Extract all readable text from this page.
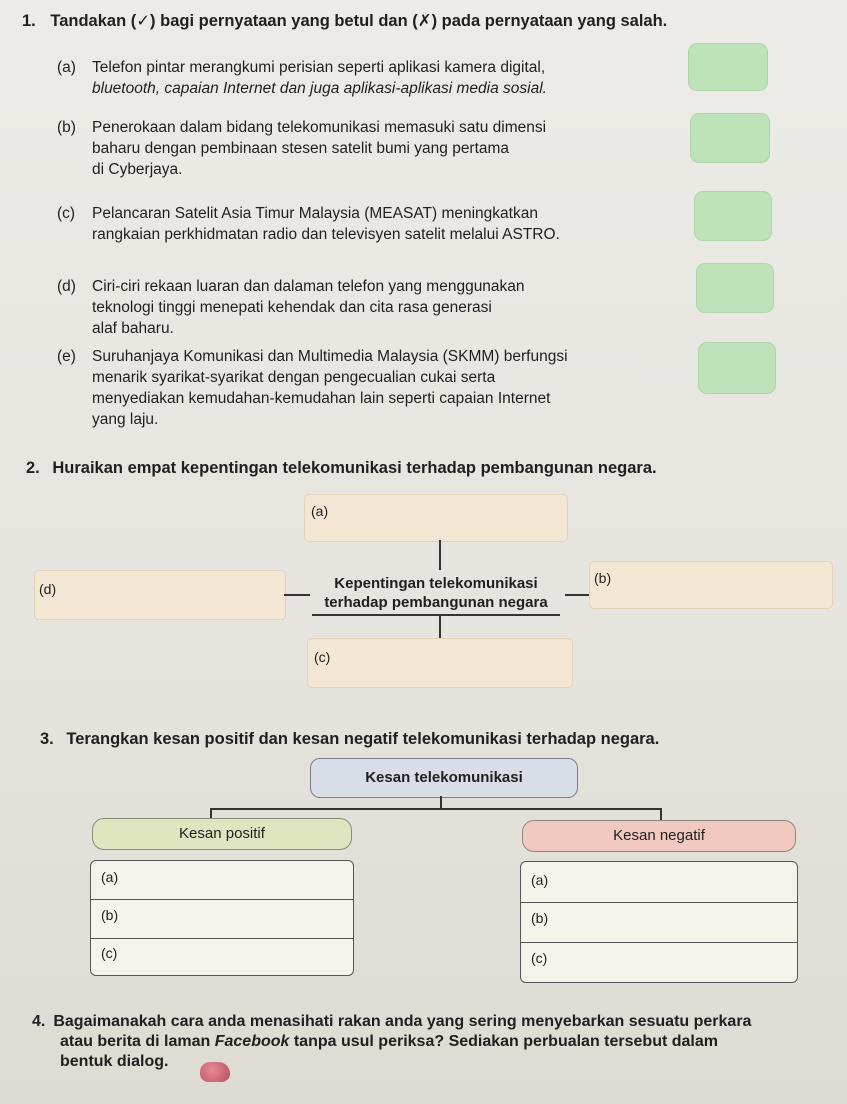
1. Tandakan (✓) bagi pernyataan yang betul dan (✗) pada pernyataan yang salah.
(a) Telefon pintar merangkumi perisian seperti aplikasi kamera digital,
bluetooth, capaian Internet dan juga aplikasi-aplikasi media sosial.
(b) Penerokaan dalam bidang telekomunikasi memasuki satu dimensi
baharu dengan pembinaan stesen satelit bumi yang pertama
di Cyberjaya.
(c) Pelancaran Satelit Asia Timur Malaysia (MEASAT) meningkatkan
rangkaian perkhidmatan radio dan televisyen satelit melalui ASTRO.
(d) Ciri-ciri rekaan luaran dan dalaman telefon yang menggunakan
teknologi tinggi menepati kehendak dan cita rasa generasi
alaf baharu.
(e) Suruhanjaya Komunikasi dan Multimedia Malaysia (SKMM) berfungsi
menarik syarikat-syarikat dengan pengecualian cukai serta
menyediakan kemudahan-kemudahan lain seperti capaian Internet
yang laju.
2. Huraikan empat kepentingan telekomunikasi terhadap pembangunan negara.
(a)
(d)	Kepentingan telekomunikasi
terhadap pembangunan negara
(b)
(c)
3. Terangkan kesan positif dan kesan negatif telekomunikasi terhadap negara.
Kesan telekomunikasi
Kesan positif	Kesan negatif
(a)
(b)
(c)
(a)
(b)
(c)
4. Bagaimanakah cara anda menasihati rakan anda yang sering menyebarkan sesuatu perkara
atau berita di laman Facebook tanpa usul periksa? Sediakan perbualan tersebut dalam
bentuk dialog.
